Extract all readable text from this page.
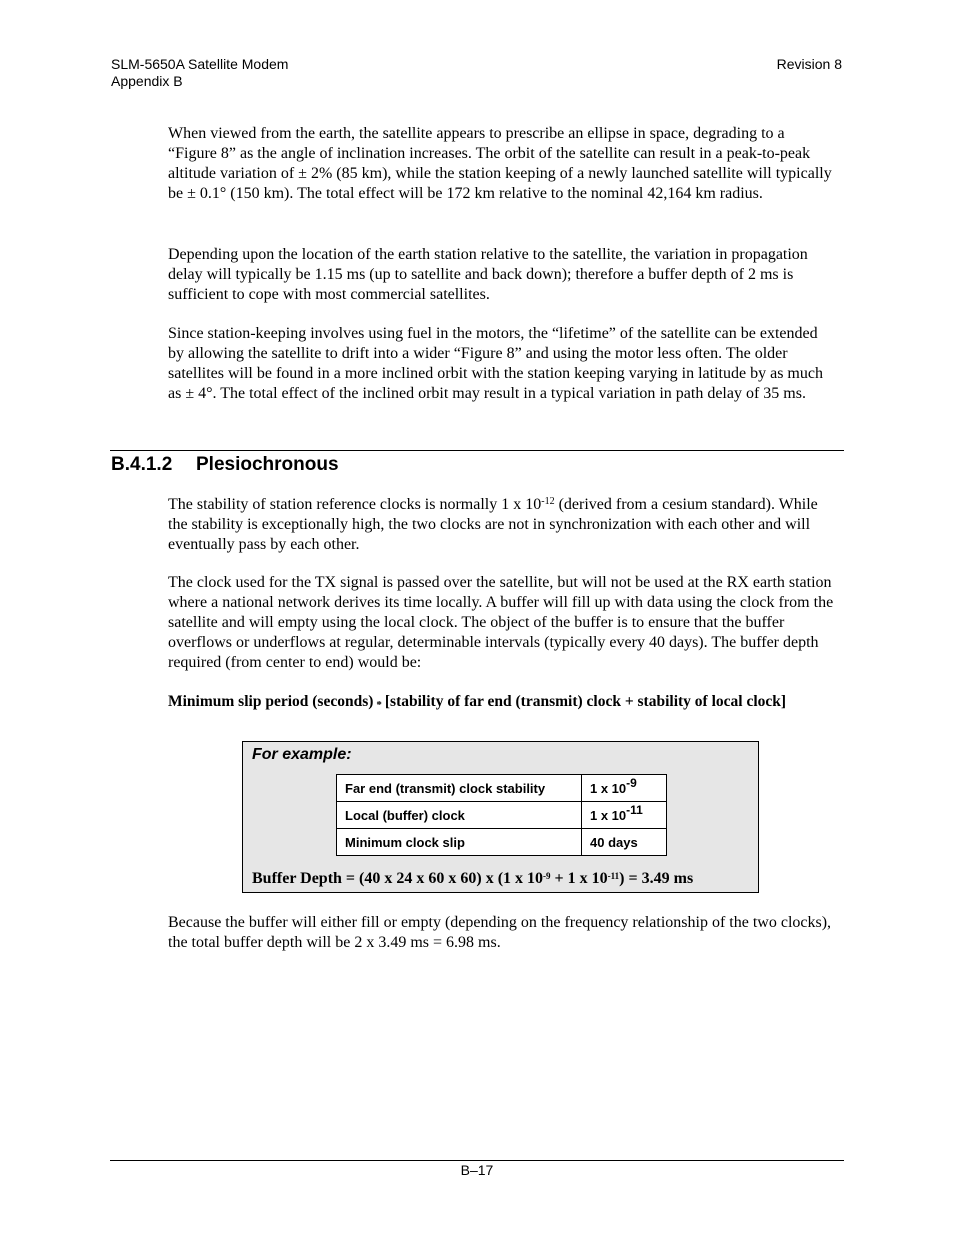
SLM-5650A Satellite Modem
Appendix B
Revision 8

When viewed from the earth, the satellite appears to prescribe an ellipse in space, degrading to a “Figure 8” as the angle of inclination increases. The orbit of the satellite can result in a peak-to-peak altitude variation of ± 2% (85 km), while the station keeping of a newly launched satellite will typically be ± 0.1° (150 km). The total effect will be 172 km relative to the nominal 42,164 km radius.

Depending upon the location of the earth station relative to the satellite, the variation in propagation delay will typically be 1.15 ms (up to satellite and back down); therefore a buffer depth of 2 ms is sufficient to cope with most commercial satellites.

Since station-keeping involves using fuel in the motors, the “lifetime” of the satellite can be extended by allowing the satellite to drift into a wider “Figure 8” and using the motor less often. The older satellites will be found in a more inclined orbit with the station keeping varying in latitude by as much as ± 4°. The total effect of the inclined orbit may result in a typical variation in path delay of 35 ms.

B.4.1.2 Plesiochronous

The stability of station reference clocks is normally 1 x $10^{-12}$ (derived from a cesium standard). While the stability is exceptionally high, the two clocks are not in synchronization with each other and will eventually pass by each other.

The clock used for the TX signal is passed over the satellite, but will not be used at the RX earth station where a national network derives its time locally. A buffer will fill up with data using the clock from the satellite and will empty using the local clock. The object of the buffer is to ensure that the buffer overflows or underflows at regular, determinable intervals (typically every 40 days). The buffer depth required (from center to end) would be:

Minimum slip period (seconds) * [stability of far end (transmit) clock + stability of local clock]
For example:
Far end (transmit) clock stability	1 x $10^{-9}$
Local (buffer) clock	1 x $10^{-11}$
Minimum clock slip	40 days
Buffer Depth = (40 x 24 x 60 x 60) x (1 x $10^{-9} + 1$ x $10^{-11}) = 3.49$ ms

Because the buffer will either fill or empty (depending on the frequency relationship of the two clocks), the total buffer depth will be 2 x 3.49 ms = 6.98 ms.

B–17
